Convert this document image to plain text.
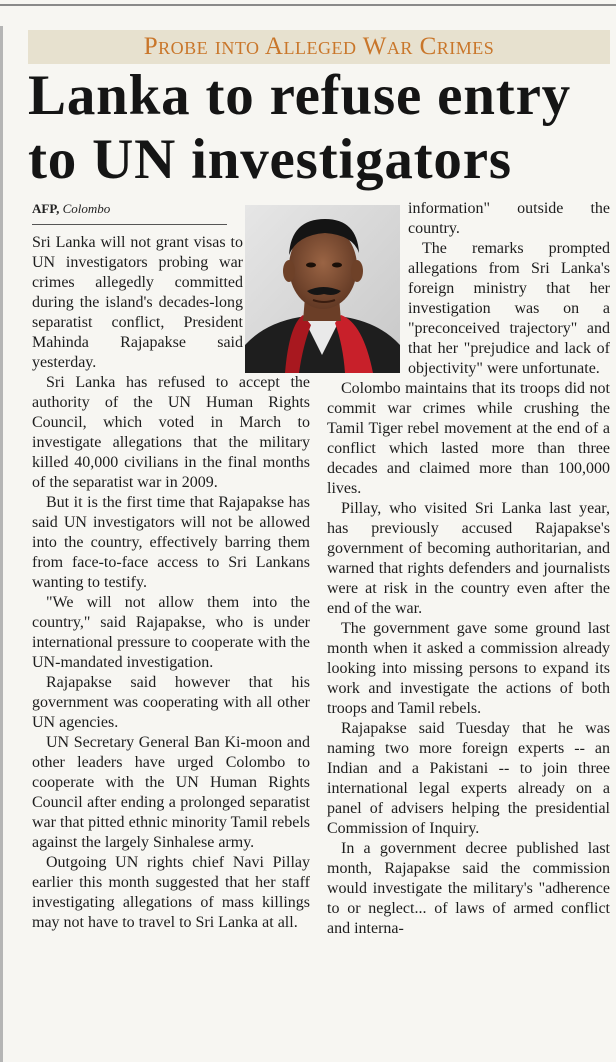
Probe into Alleged War Crimes
Lanka to refuse entry
to UN investigators
AFP, Colombo

Sri Lanka will not grant visas to UN investigators probing war crimes allegedly committed during the island's decades-long separatist conflict, President Mahinda Rajapakse said yesterday.

Sri Lanka has refused to accept the authority of the UN Human Rights Council, which voted in March to investigate allegations that the military killed 40,000 civilians in the final months of the separatist war in 2009.

But it is the first time that Rajapakse has said UN investigators will not be allowed into the country, effectively barring them from face-to-face access to Sri Lankans wanting to testify.

"We will not allow them into the country," said Rajapakse, who is under international pressure to cooperate with the UN-mandated investigation.

Rajapakse said however that his government was cooperating with all other UN agencies.

UN Secretary General Ban Ki-moon and other leaders have urged Colombo to cooperate with the UN Human Rights Council after ending a prolonged separatist war that pitted ethnic minority Tamil rebels against the largely Sinhalese army.

Outgoing UN rights chief Navi Pillay earlier this month suggested that her staff investigating allegations of mass killings may not have to travel to Sri Lanka at all.

information" outside the country.

The remarks prompted allegations from Sri Lanka's foreign ministry that her investigation was on a "preconceived trajectory" and that her "prejudice and lack of objectivity" were unfortunate.

Colombo maintains that its troops did not commit war crimes while crushing the Tamil Tiger rebel movement at the end of a conflict which lasted more than three decades and claimed more than 100,000 lives.

Pillay, who visited Sri Lanka last year, has previously accused Rajapakse's government of becoming authoritarian, and warned that rights defenders and journalists were at risk in the country even after the end of the war.

The government gave some ground last month when it asked a commission already looking into missing persons to expand its work and investigate the actions of both troops and Tamil rebels.

Rajapakse said Tuesday that he was naming two more foreign experts -- an Indian and a Pakistani -- to join three international legal experts already on a panel of advisers helping the presidential Commission of Inquiry.

In a government decree published last month, Rajapakse said the commission would investigate the military's "adherence to or neglect... of laws of armed conflict and interna-
